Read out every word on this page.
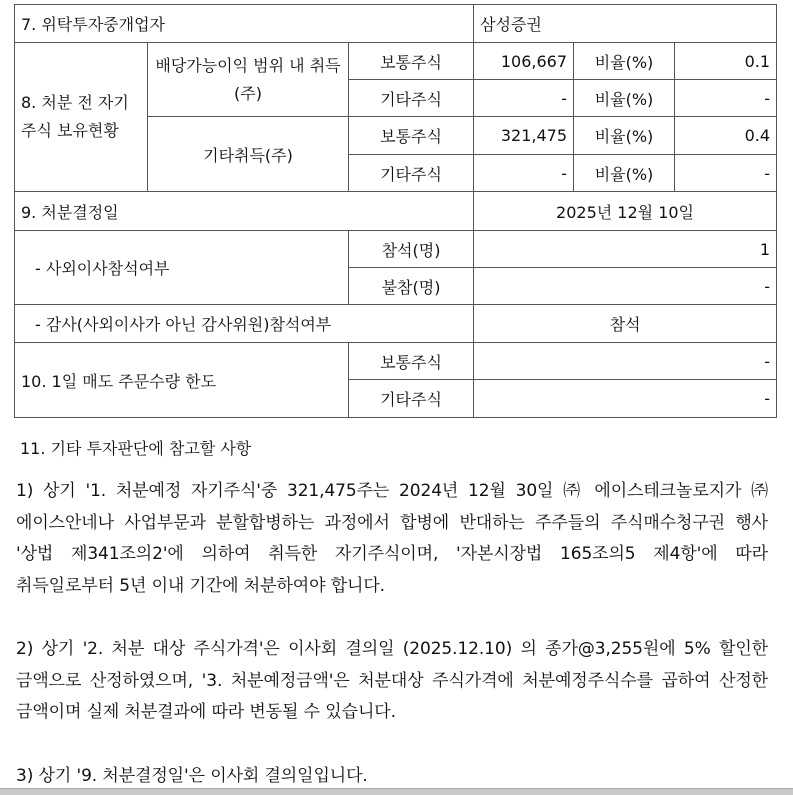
7. 위탁투자중개업자			삼성증권		
8. 처분 전 자기주식 보유현황	배당가능이익 범위 내 취득(주)	보통주식	106,667	비율(%)	0.1
		기타주식	-	비율(%)	-
	기타취득(주)	보통주식	321,475	비율(%)	0.4
		기타주식	-	비율(%)	-
9. 처분결정일			2025년 12월 10일		
- 사외이사참석여부		참석(명)	1		
		불참(명)	-		
- 감사(사외이사가 아닌 감사위원)참석여부			참석		
10. 1일 매도 주문수량 한도		보통주식	-		
		기타주식	-		
11. 기타 투자판단에 참고할 사항

1) 상기 '1. 처분예정 자기주식'중 321,475주는 2024년 12월 30일 ㈜ 에이스테크놀로지가 ㈜ 에이스안네나 사업부문과 분할합병하는 과정에서 합병에 반대하는 주주들의 주식매수청구권 행사 '상법 제341조의2'에 의하여 취득한 자기주식이며, '자본시장법 165조의5 제4항'에 따라 취득일로부터 5년 이내 기간에 처분하여야 합니다.

2) 상기 '2. 처분 대상 주식가격'은 이사회 결의일 (2025.12.10) 의 종가@3,255원에 5% 할인한 금액으로 산정하였으며, '3. 처분예정금액'은 처분대상 주식가격에 처분예정주식수를 곱하여 산정한 금액이며 실제 처분결과에 따라 변동될 수 있습니다.

3) 상기 '9. 처분결정일'은 이사회 결의일입니다.
